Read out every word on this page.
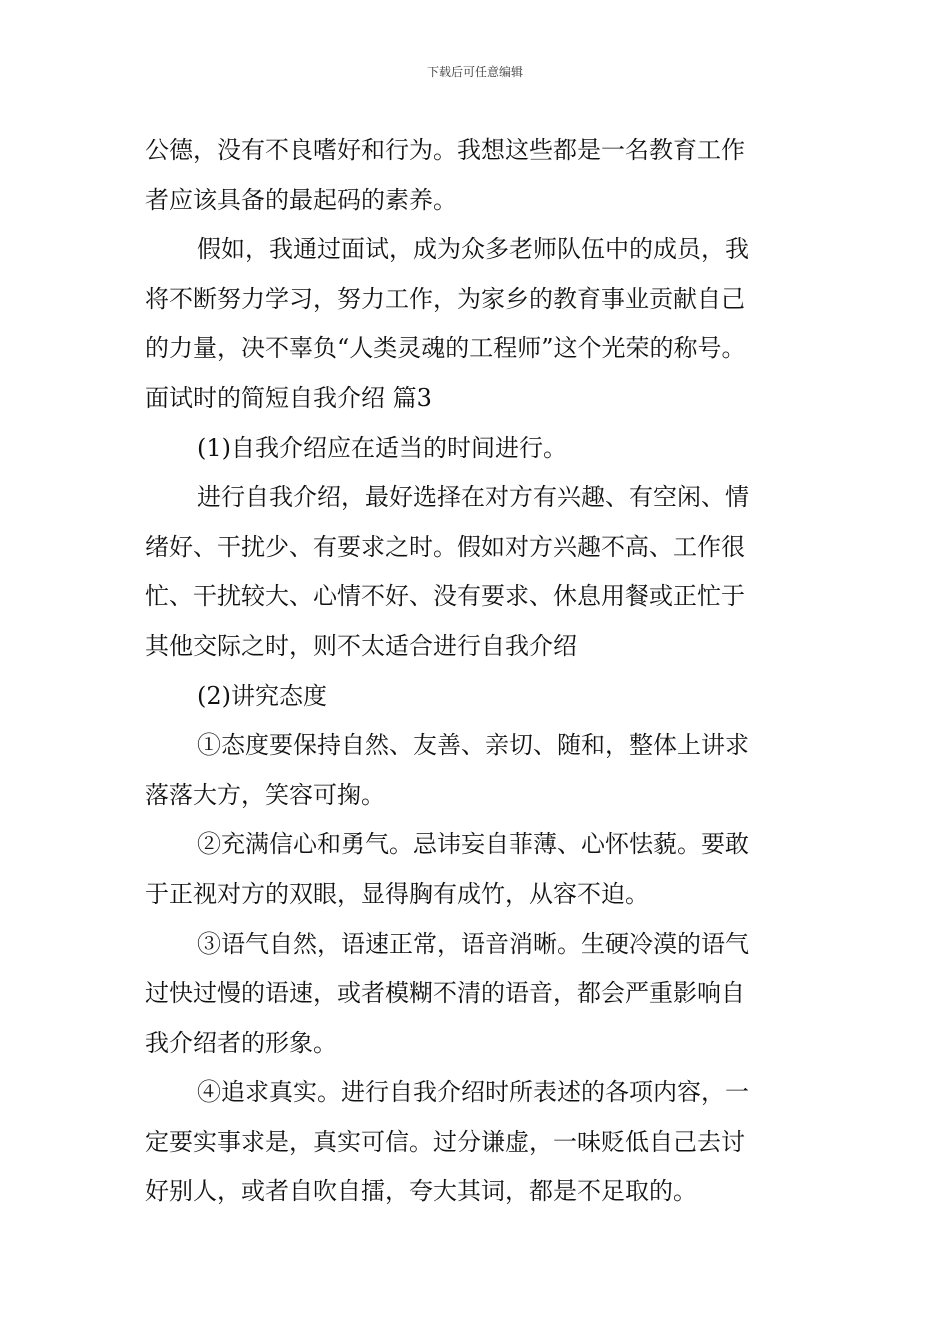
下载后可任意编辑
公德，没有不良嗜好和行为。我想这些都是一名教育工作
者应该具备的最起码的素养。
假如，我通过面试，成为众多老师队伍中的成员，我
将不断努力学习，努力工作，为家乡的教育事业贡献自己
的力量，决不辜负“人类灵魂的工程师”这个光荣的称号。
面试时的简短自我介绍 篇3
(1)自我介绍应在适当的时间进行。
进行自我介绍，最好选择在对方有兴趣、有空闲、情
绪好、干扰少、有要求之时。假如对方兴趣不高、工作很
忙、干扰较大、心情不好、没有要求、休息用餐或正忙于
其他交际之时，则不太适合进行自我介绍
(2)讲究态度
①态度要保持自然、友善、亲切、随和，整体上讲求
落落大方，笑容可掬。
②充满信心和勇气。忌讳妄自菲薄、心怀怯藐。要敢
于正视对方的双眼，显得胸有成竹，从容不迫。
③语气自然，语速正常，语音消晰。生硬冷漠的语气
过快过慢的语速，或者模糊不清的语音，都会严重影响自
我介绍者的形象。
④追求真实。进行自我介绍时所表述的各项内容，一
定要实事求是，真实可信。过分谦虚，一味贬低自己去讨
好别人，或者自吹自擂，夸大其词，都是不足取的。
